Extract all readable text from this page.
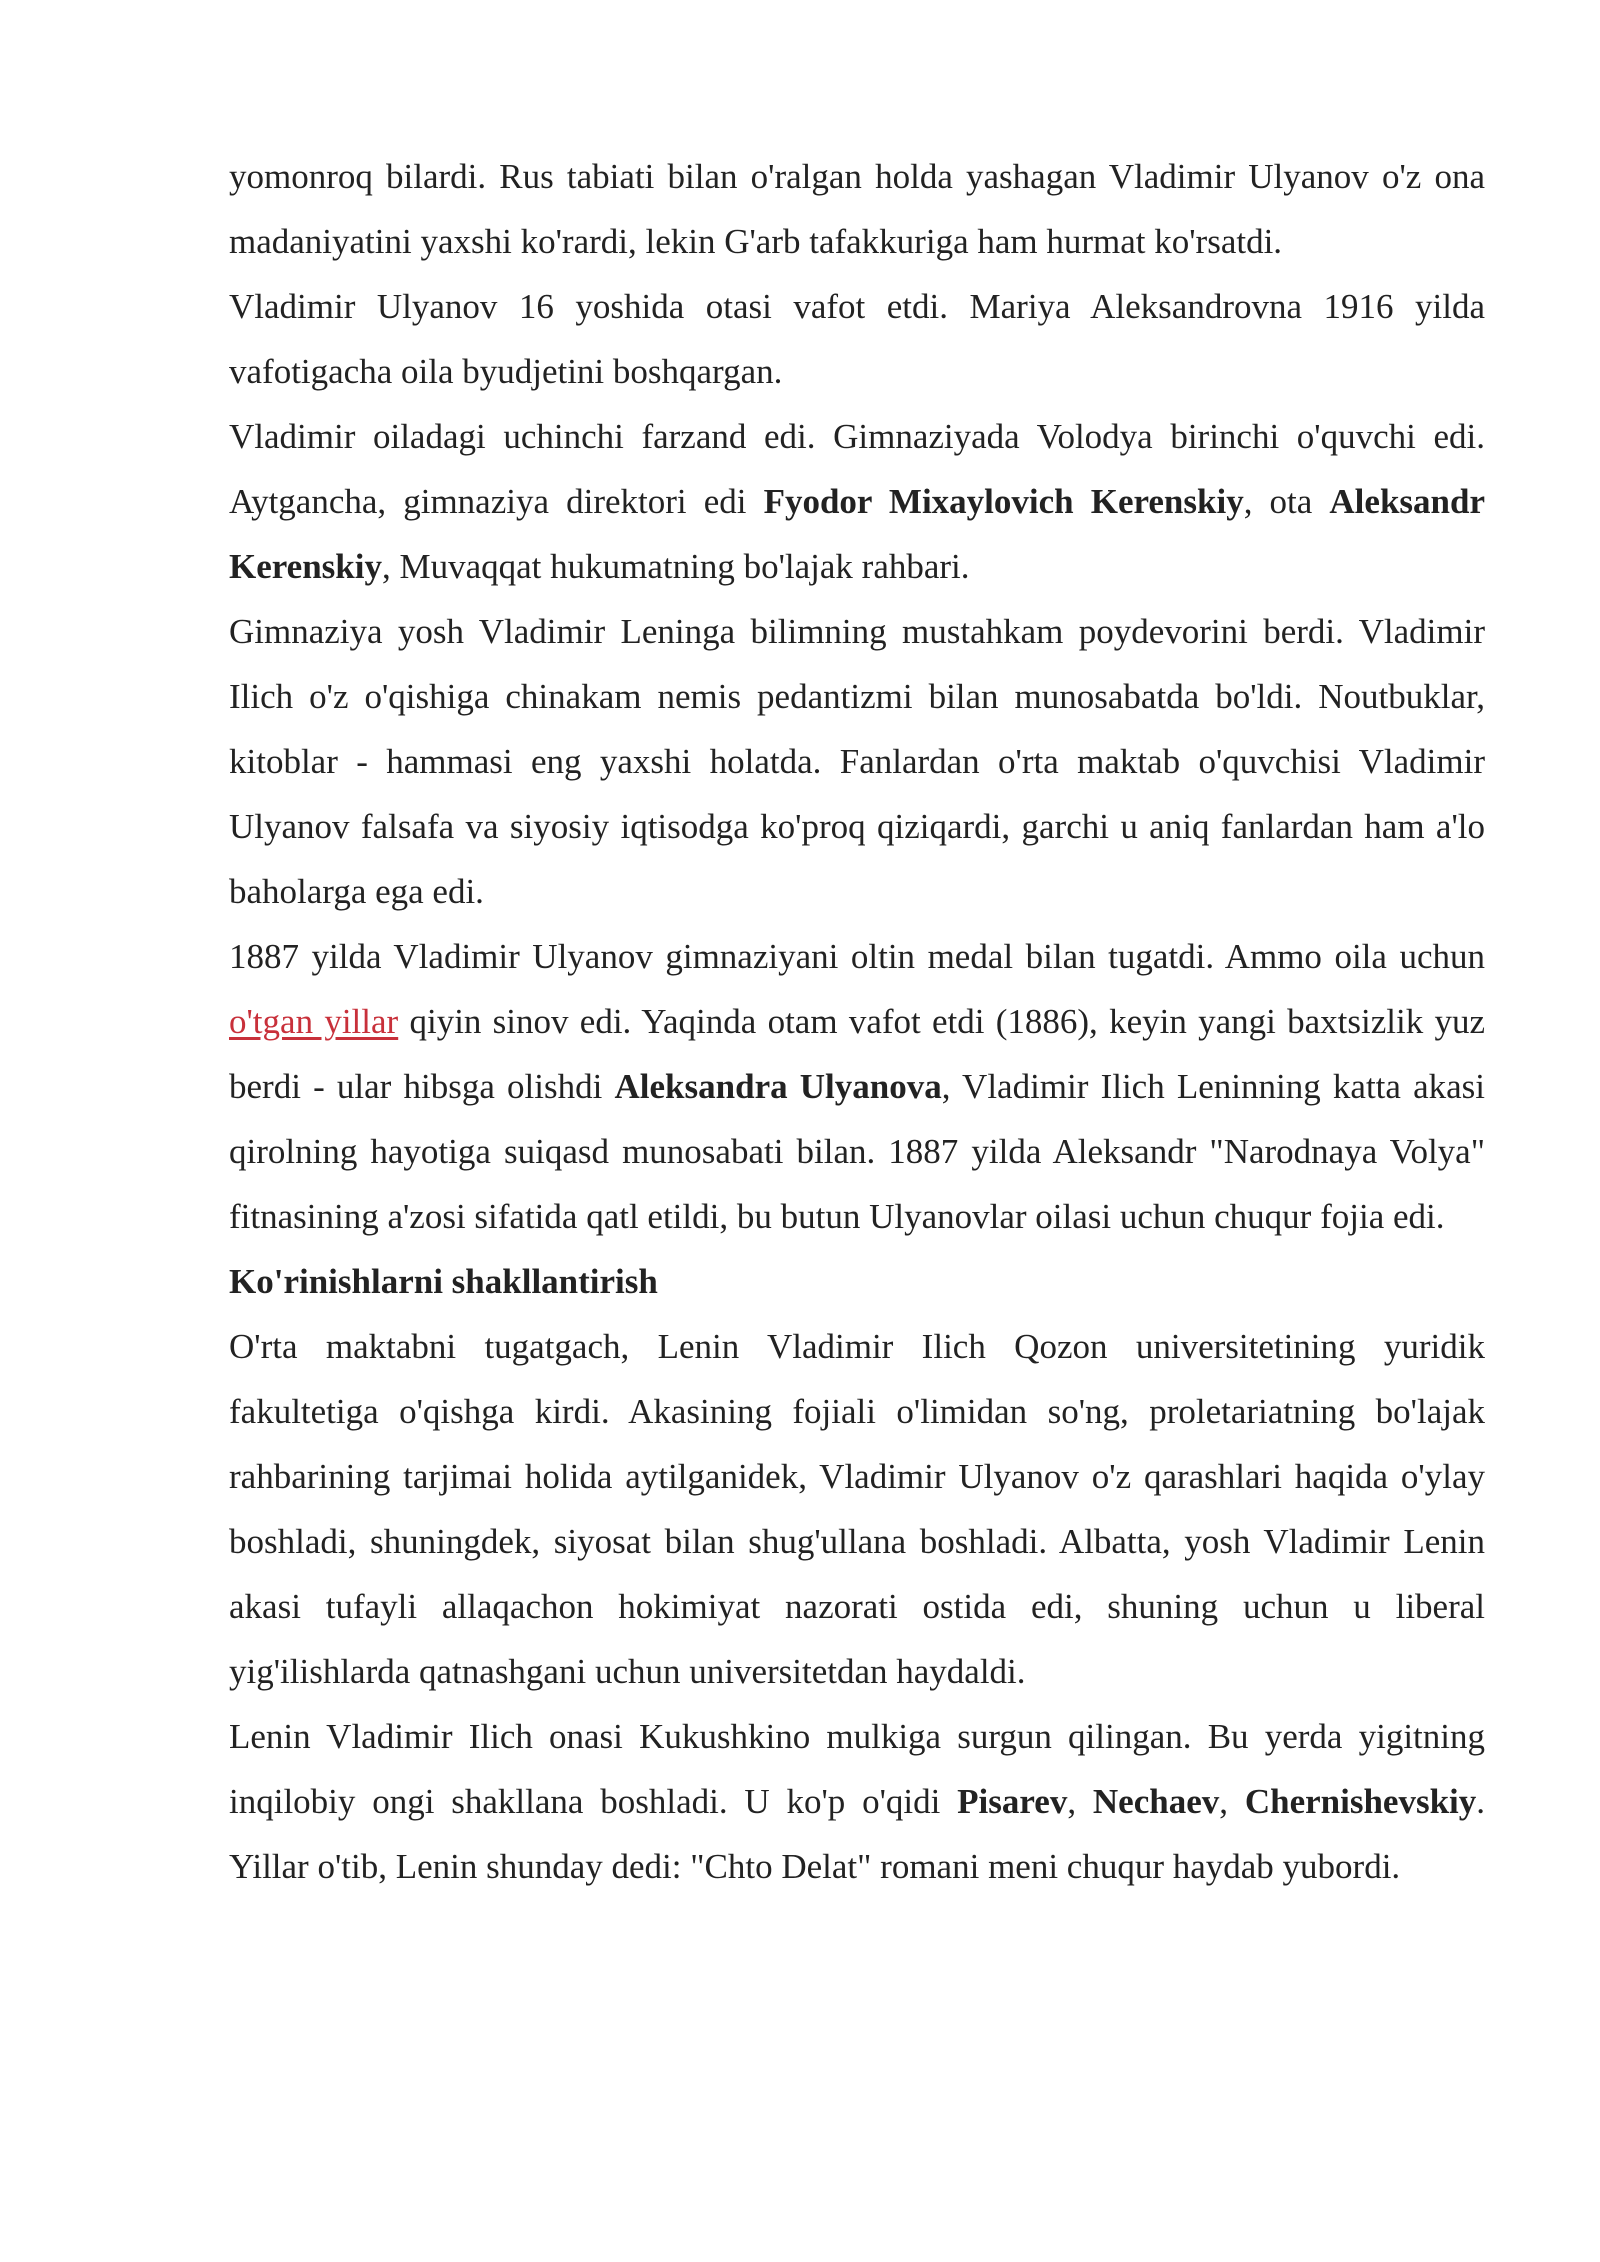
yomonroq bilardi. Rus tabiati bilan o'ralgan holda yashagan Vladimir Ulyanov o'z ona madaniyatini yaxshi ko'rardi, lekin G'arb tafakkuriga ham hurmat ko'rsatdi.

Vladimir Ulyanov 16 yoshida otasi vafot etdi. Mariya Aleksandrovna 1916 yilda vafotigacha oila byudjetini boshqargan.

Vladimir oiladagi uchinchi farzand edi. Gimnaziyada Volodya birinchi o'quvchi edi. Aytgancha, gimnaziya direktori edi Fyodor Mixaylovich Kerenskiy, ota Aleksandr Kerenskiy, Muvaqqat hukumatning bo'lajak rahbari.

Gimnaziya yosh Vladimir Leninga bilimning mustahkam poydevorini berdi. Vladimir Ilich o'z o'qishiga chinakam nemis pedantizmi bilan munosabatda bo'ldi. Noutbuklar, kitoblar - hammasi eng yaxshi holatda. Fanlardan o'rta maktab o'quvchisi Vladimir Ulyanov falsafa va siyosiy iqtisodga ko'proq qiziqardi, garchi u aniq fanlardan ham a'lo baholarga ega edi.

1887 yilda Vladimir Ulyanov gimnaziyani oltin medal bilan tugatdi. Ammo oila uchun o'tgan yillar qiyin sinov edi. Yaqinda otam vafot etdi (1886), keyin yangi baxtsizlik yuz berdi - ular hibsga olishdi Aleksandra Ulyanova, Vladimir Ilich Leninning katta akasi qirolning hayotiga suiqasd munosabati bilan. 1887 yilda Aleksandr "Narodnaya Volya" fitnasining a'zosi sifatida qatl etildi, bu butun Ulyanovlar oilasi uchun chuqur fojia edi.

Ko'rinishlarni shakllantirish

O'rta maktabni tugatgach, Lenin Vladimir Ilich Qozon universitetining yuridik fakultetiga o'qishga kirdi. Akasining fojiali o'limidan so'ng, proletariatning bo'lajak rahbarining tarjimai holida aytilganidek, Vladimir Ulyanov o'z qarashlari haqida o'ylay boshladi, shuningdek, siyosat bilan shug'ullana boshladi. Albatta, yosh Vladimir Lenin akasi tufayli allaqachon hokimiyat nazorati ostida edi, shuning uchun u liberal yig'ilishlarda qatnashgani uchun universitetdan haydaldi.

Lenin Vladimir Ilich onasi Kukushkino mulkiga surgun qilingan. Bu yerda yigitning inqilobiy ongi shakllana boshladi. U ko'p o'qidi Pisarev, Nechaev, Chernishevskiy. Yillar o'tib, Lenin shunday dedi: "Chto Delat" romani meni chuqur haydab yubordi.
